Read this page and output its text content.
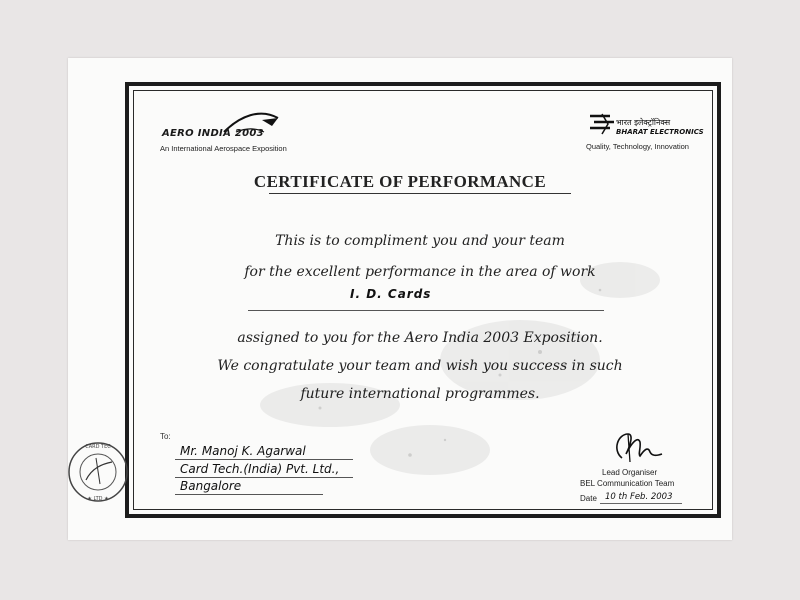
AERO INDIA 2003
An International Aerospace Exposition
भारत इलेक्ट्रॉनिक्स
BHARAT ELECTRONICS
Quality, Technology, Innovation
CERTIFICATE OF PERFORMANCE
This is to compliment you and your team
for the excellent performance in the area of work
I. D. Cards
assigned to you for the Aero India 2003 Exposition.
We congratulate your team and wish you success in such
future international programmes.
To:
Mr. Manoj K. Agarwal
Card Tech.(India) Pvt. Ltd.,
Bangalore
Lead Organiser
BEL Communication Team
Date 10 th Feb. 2003
CARD TEC
★ LTD ★
